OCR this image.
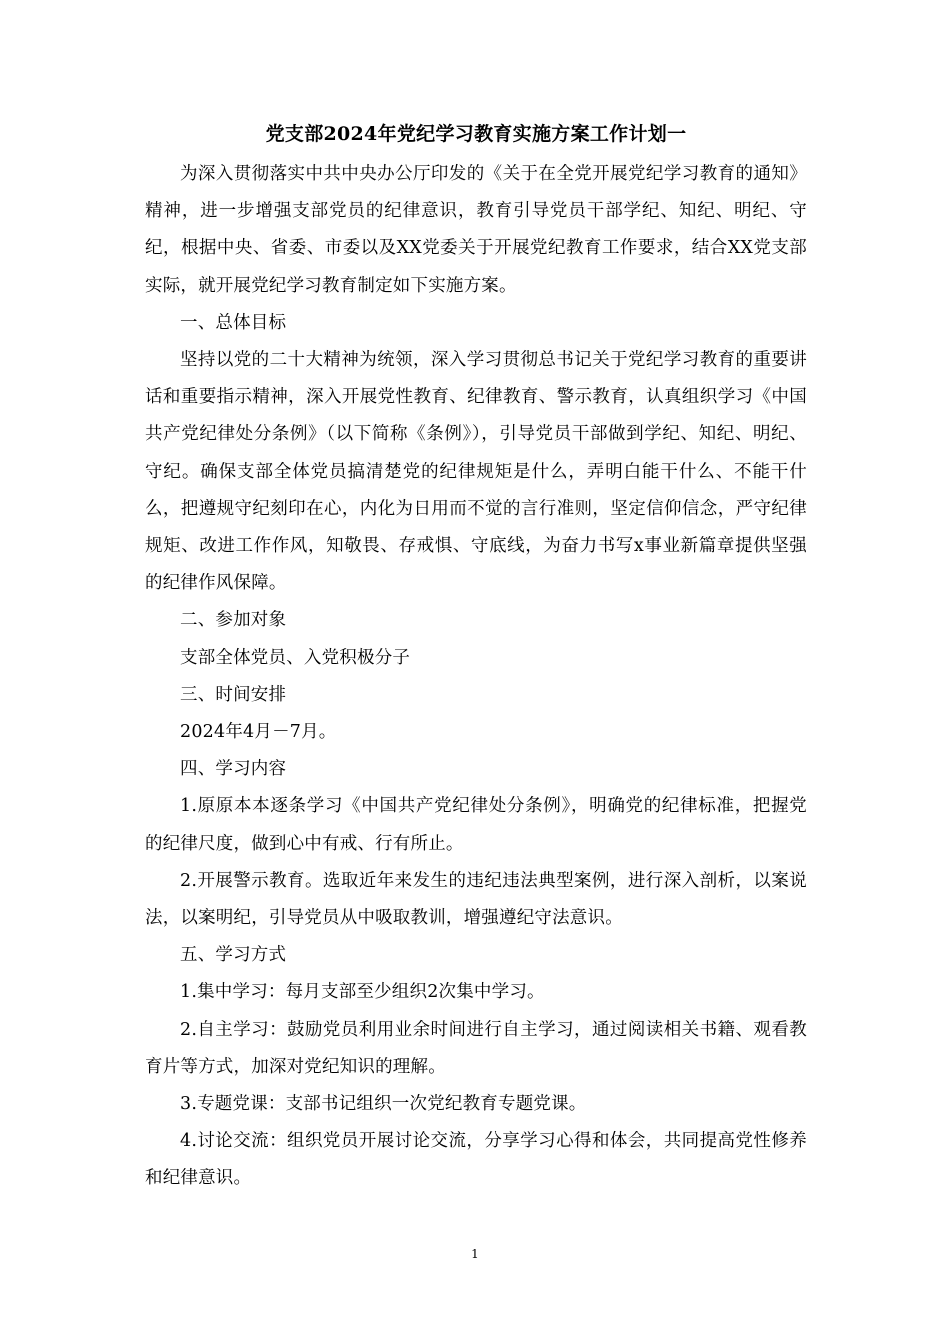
党支部2024年党纪学习教育实施方案工作计划一

为深入贯彻落实中共中央办公厅印发的《关于在全党开展党纪学习教育的通知》精神，进一步增强支部党员的纪律意识，教育引导党员干部学纪、知纪、明纪、守纪，根据中央、省委、市委以及XX党委关于开展党纪教育工作要求，结合XX党支部实际，就开展党纪学习教育制定如下实施方案。

一、总体目标

坚持以党的二十大精神为统领，深入学习贯彻总书记关于党纪学习教育的重要讲话和重要指示精神，深入开展党性教育、纪律教育、警示教育，认真组织学习《中国共产党纪律处分条例》（以下简称《条例》），引导党员干部做到学纪、知纪、明纪、守纪。确保支部全体党员搞清楚党的纪律规矩是什么，弄明白能干什么、不能干什么，把遵规守纪刻印在心，内化为日用而不觉的言行准则，坚定信仰信念，严守纪律规矩、改进工作作风，知敬畏、存戒惧、守底线，为奋力书写x事业新篇章提供坚强的纪律作风保障。

二、参加对象

支部全体党员、入党积极分子

三、时间安排

2024年4月－7月。

四、学习内容

1.原原本本逐条学习《中国共产党纪律处分条例》，明确党的纪律标准，把握党的纪律尺度，做到心中有戒、行有所止。

2.开展警示教育。选取近年来发生的违纪违法典型案例，进行深入剖析，以案说法，以案明纪，引导党员从中吸取教训，增强遵纪守法意识。

五、学习方式

1.集中学习：每月支部至少组织2次集中学习。

2.自主学习：鼓励党员利用业余时间进行自主学习，通过阅读相关书籍、观看教育片等方式，加深对党纪知识的理解。

3.专题党课：支部书记组织一次党纪教育专题党课。

4.讨论交流：组织党员开展讨论交流，分享学习心得和体会，共同提高党性修养和纪律意识。

1
